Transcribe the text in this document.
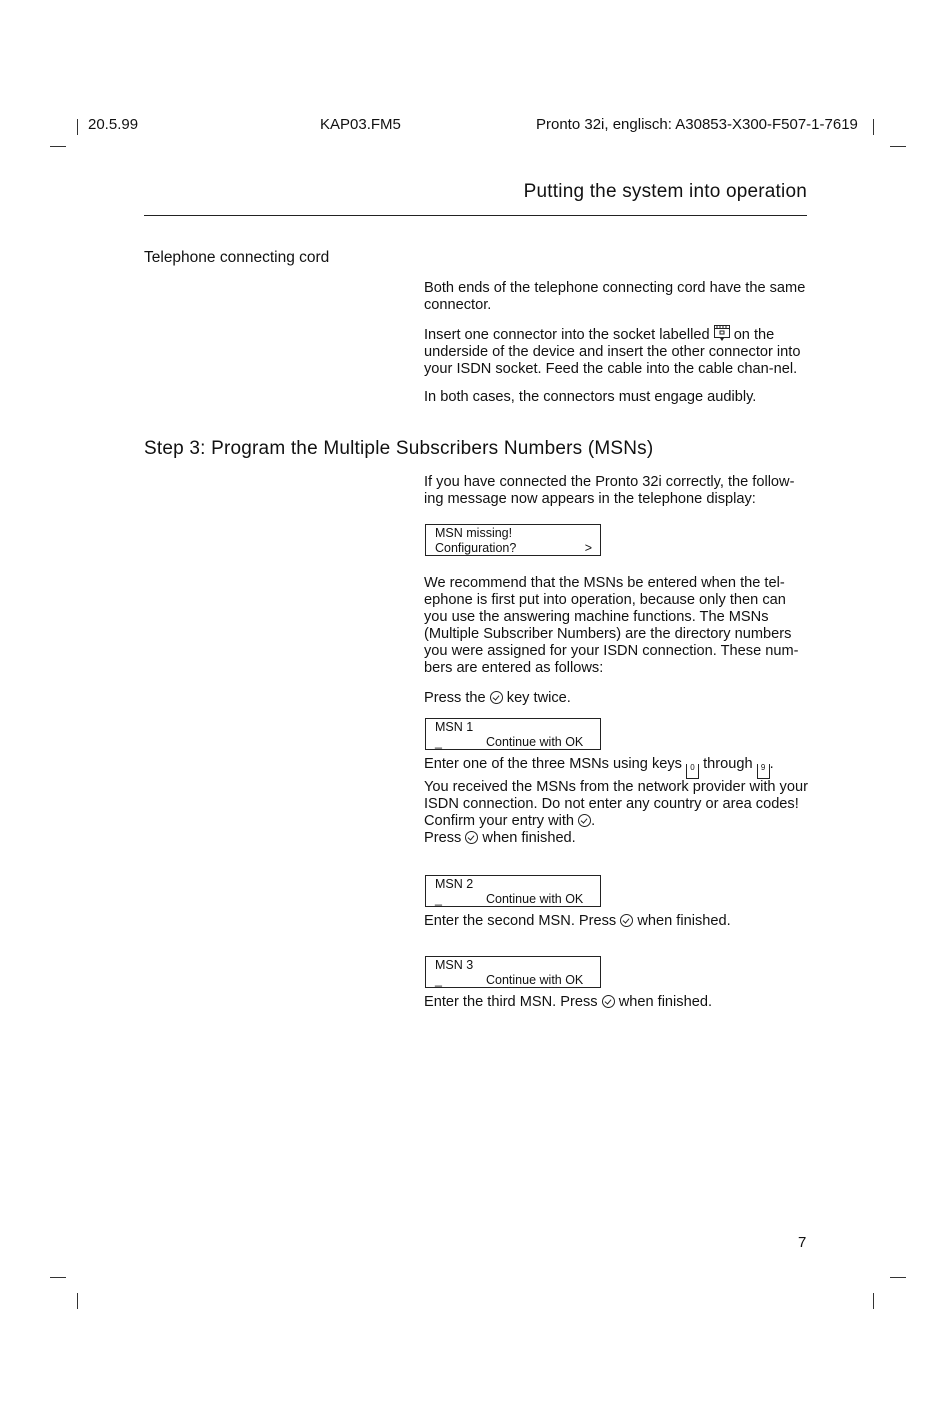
20.5.99	KAP03.FM5	Pronto 32i, englisch: A30853-X300-F507-1-7619
Putting the system into operation
Telephone connecting cord

Both ends of the telephone connecting cord have the same connector.

Insert one connector into the socket labelled  on the underside of the device and insert the other connector into your ISDN socket. Feed the cable into the cable chan-nel.

In both cases, the connectors must engage audibly.

Step 3: Program the Multiple Subscribers Numbers (MSNs)
If you have connected the Pronto 32i correctly, the follow-ing message now appears in the telephone display:
MSN missing!
Configuration?	>
We recommend that the MSNs be entered when the tel-ephone is first put into operation, because only then can you use the answering machine functions. The MSNs (Multiple Subscriber Numbers) are the directory numbers you were assigned for your ISDN connection. These num-bers are entered as follows:
Press the  key twice.
MSN 1
_	Continue with OK

Enter one of the three MSNs using keys 0 through 9 .

You received the MSNs from the network provider with your ISDN connection. Do not enter any country or area codes!

Confirm your entry with .

Press  when finished.

MSN 2
_	Continue with OK
Enter the second MSN. Press  when finished.
MSN 3
_	Continue with OK
Enter the third MSN. Press  when finished.
7
